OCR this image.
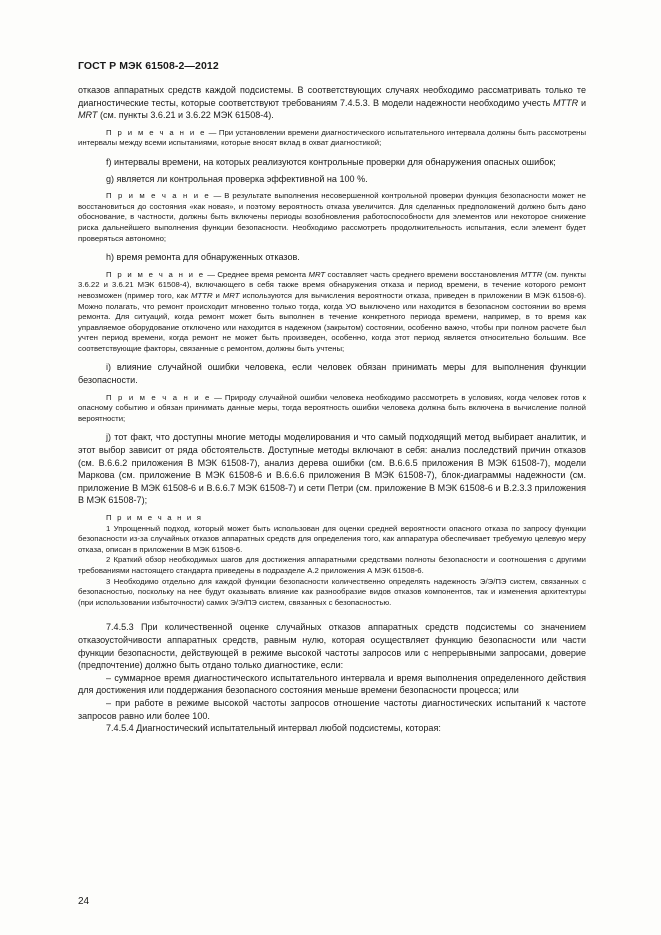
ГОСТ Р МЭК 61508-2—2012

отказов аппаратных средств каждой подсистемы. В соответствующих случаях необходимо рассматривать только те диагностические тесты, которые соответствуют требованиям 7.4.5.3. В модели надежности необходимо учесть MTTR и MRT (см. пункты 3.6.21 и 3.6.22 МЭК 61508-4).

П р и м е ч а н и е — При установлении времени диагностического испытательного интервала должны быть рассмотрены интервалы между всеми испытаниями, которые вносят вклад в охват диагностикой;

f) интервалы времени, на которых реализуются контрольные проверки для обнаружения опасных ошибок;

g) является ли контрольная проверка эффективной на 100 %.

П р и м е ч а н и е — В результате выполнения несовершенной контрольной проверки функция безопасности может не восстановиться до состояния «как новая», и поэтому вероятность отказа увеличится. Для сделанных предположений должно быть дано обоснование, в частности, должны быть включены периоды возобновления работоспособности для элементов или некоторое снижение риска дальнейшего выполнения функции безопасности. Необходимо рассмотреть продолжительность испытания, если элемент будет проверяться автономно;

h) время ремонта для обнаруженных отказов.

П р и м е ч а н и е — Среднее время ремонта MRT составляет часть среднего времени восстановления MTTR (см. пункты 3.6.22 и 3.6.21 МЭК 61508-4), включающего в себя также время обнаружения отказа и период времени, в течение которого ремонт невозможен (пример того, как MTTR и MRT используются для вычисления вероятности отказа, приведен в приложении В МЭК 61508-6). Можно полагать, что ремонт происходит мгновенно только тогда, когда УО выключено или находится в безопасном состоянии во время ремонта. Для ситуаций, когда ремонт может быть выполнен в течение конкретного периода времени, например, в то время как управляемое оборудование отключено или находится в надежном (закрытом) состоянии, особенно важно, чтобы при полном расчете был учтен период времени, когда ремонт не может быть произведен, особенно, когда этот период является относительно большим. Все соответствующие факторы, связанные с ремонтом, должны быть учтены;

i) влияние случайной ошибки человека, если человек обязан принимать меры для выполнения функции безопасности.

П р и м е ч а н и е — Природу случайной ошибки человека необходимо рассмотреть в условиях, когда человек готов к опасному событию и обязан принимать данные меры, тогда вероятность ошибки человека должна быть включена в вычисление полной вероятности;

j) тот факт, что доступны многие методы моделирования и что самый подходящий метод выбирает аналитик, и этот выбор зависит от ряда обстоятельств. Доступные методы включают в себя: анализ последствий причин отказов (см. В.6.6.2 приложения В МЭК 61508-7), анализ дерева ошибки (см. В.6.6.5 приложения В МЭК 61508-7), модели Маркова (см. приложение В МЭК 61508-6 и В.6.6.6 приложения В МЭК 61508-7), блок-диаграммы надежности (см. приложение В МЭК 61508-6 и В.6.6.7 МЭК 61508-7) и сети Петри (см. приложение В МЭК 61508-6 и В.2.3.3 приложения В МЭК 61508-7);

П р и м е ч а н и я

1 Упрощенный подход, который может быть использован для оценки средней вероятности опасного отказа по запросу функции безопасности из-за случайных отказов аппаратных средств для определения того, как аппаратура обеспечивает требуемую целевую меру отказа, описан в приложении В МЭК 61508-6.

2 Краткий обзор необходимых шагов для достижения аппаратными средствами полноты безопасности и соотношения с другими требованиями настоящего стандарта приведены в подразделе А.2 приложения А МЭК 61508-6.

3 Необходимо отдельно для каждой функции безопасности количественно определять надежность Э/Э/ПЭ систем, связанных с безопасностью, поскольку на нее будут оказывать влияние как разнообразие видов отказов компонентов, так и изменения архитектуры (при использовании избыточности) самих Э/Э/ПЭ систем, связанных с безопасностью.

7.4.5.3 При количественной оценке случайных отказов аппаратных средств подсистемы со значением отказоустойчивости аппаратных средств, равным нулю, которая осуществляет функцию безопасности или части функции безопасности, действующей в режиме высокой частоты запросов или с непрерывными запросами, доверие (предпочтение) должно быть отдано только диагностике, если:

– суммарное время диагностического испытательного интервала и время выполнения определенного действия для достижения или поддержания безопасного состояния меньше времени безопасности процесса; или

– при работе в режиме высокой частоты запросов отношение частоты диагностических испытаний к частоте запросов равно или более 100.

7.4.5.4 Диагностический испытательный интервал любой подсистемы, которая:

24
